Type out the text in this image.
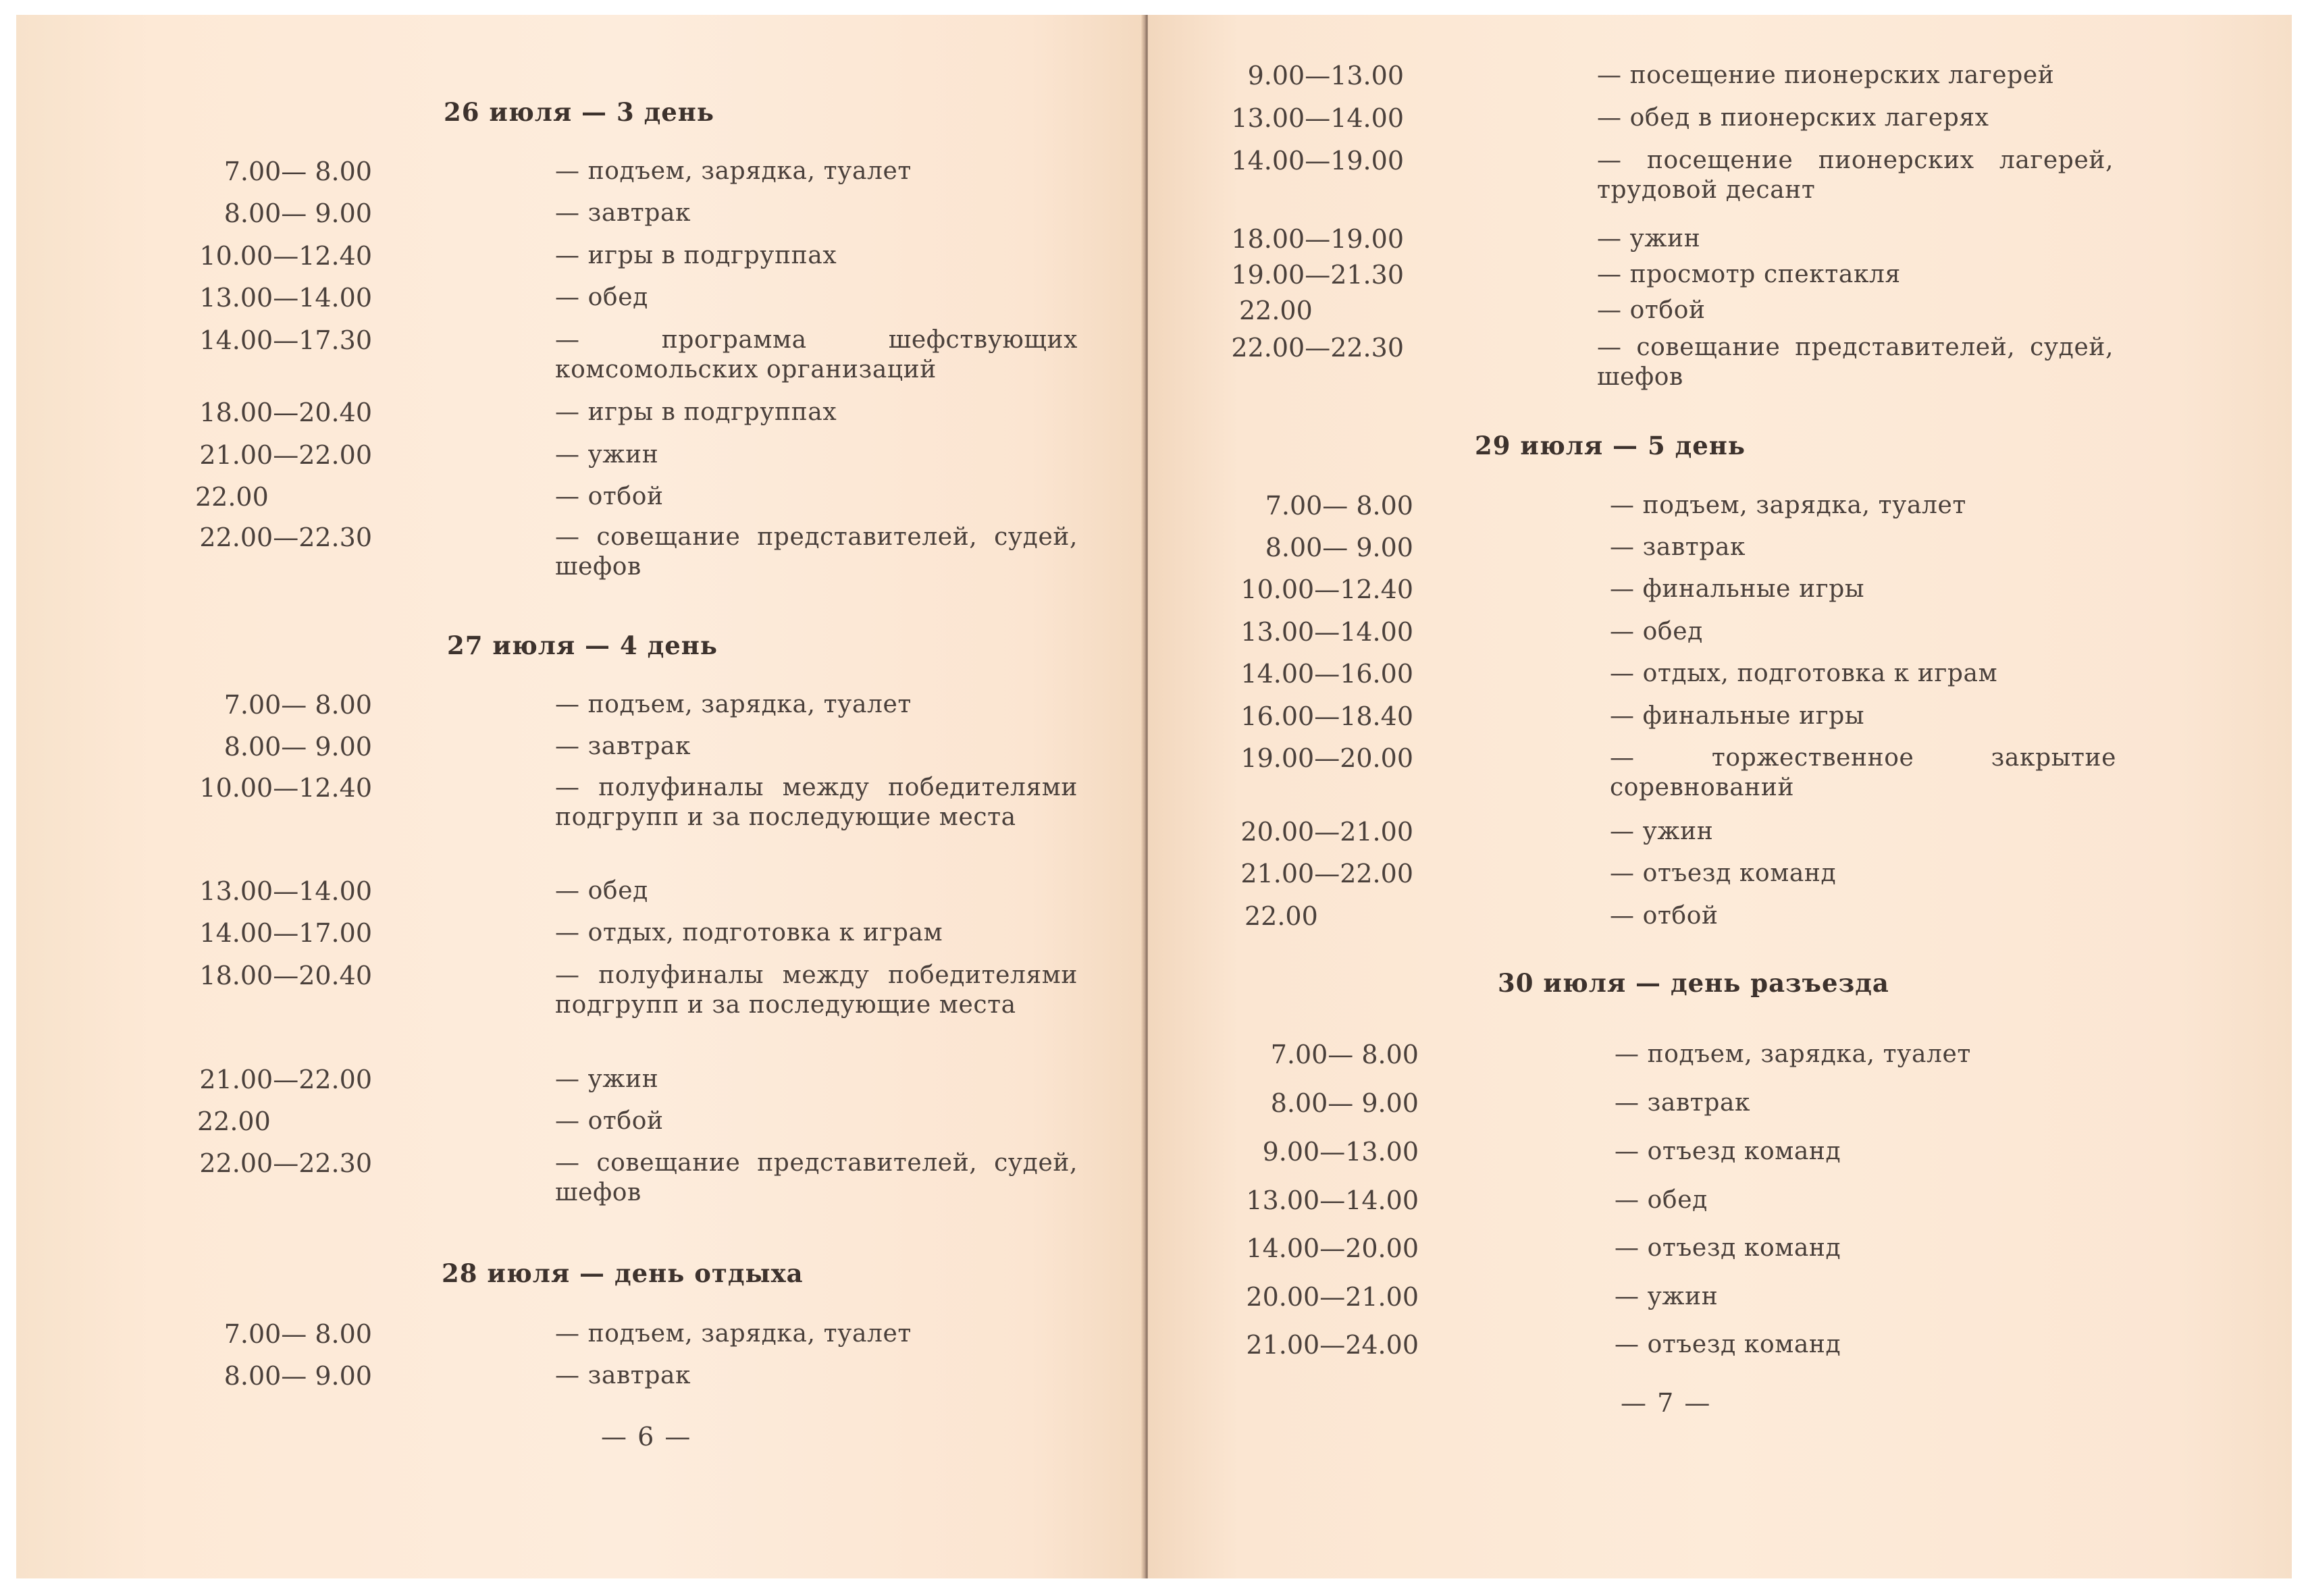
26 июля — 3 день
7.00— 8.00	— подъем, зарядка, туалет
8.00— 9.00	— завтрак
10.00—12.40	— игры в подгруппах
13.00—14.00	— обед
14.00—17.30	— программа шефствующих комсомольских организаций
18.00—20.40	— игры в подгруппах
21.00—22.00	— ужин
22.00	— отбой
22.00—22.30	— совещание представителей, судей, шефов
27 июля — 4 день
7.00— 8.00	— подъем, зарядка, туалет
8.00— 9.00	— завтрак
10.00—12.40	— полуфиналы между победителями подгрупп и за последующие места
13.00—14.00	— обед
14.00—17.00	— отдых, подготовка к играм
18.00—20.40	— полуфиналы между победителями подгрупп и за последующие места
21.00—22.00	— ужин
22.00	— отбой
22.00—22.30	— совещание представителей, судей, шефов
28 июля — день отдыха
7.00— 8.00	— подъем, зарядка, туалет
8.00— 9.00	— завтрак
— 6 —
9.00—13.00	— посещение пионерских лагерей
13.00—14.00	— обед в пионерских лагерях
14.00—19.00	— посещение пионерских лагерей, трудовой десант
18.00—19.00	— ужин
19.00—21.30	— просмотр спектакля
22.00	— отбой
22.00—22.30	— совещание представителей, судей, шефов
29 июля — 5 день
7.00— 8.00	— подъем, зарядка, туалет
8.00— 9.00	— завтрак
10.00—12.40	— финальные игры
13.00—14.00	— обед
14.00—16.00	— отдых, подготовка к играм
16.00—18.40	— финальные игры
19.00—20.00	— торжественное закрытие соревнований
20.00—21.00	— ужин
21.00—22.00	— отъезд команд
22.00	— отбой
30 июля — день разъезда
7.00— 8.00	— подъем, зарядка, туалет
8.00— 9.00	— завтрак
9.00—13.00	— отъезд команд
13.00—14.00	— обед
14.00—20.00	— отъезд команд
20.00—21.00	— ужин
21.00—24.00	— отъезд команд
— 7 —
